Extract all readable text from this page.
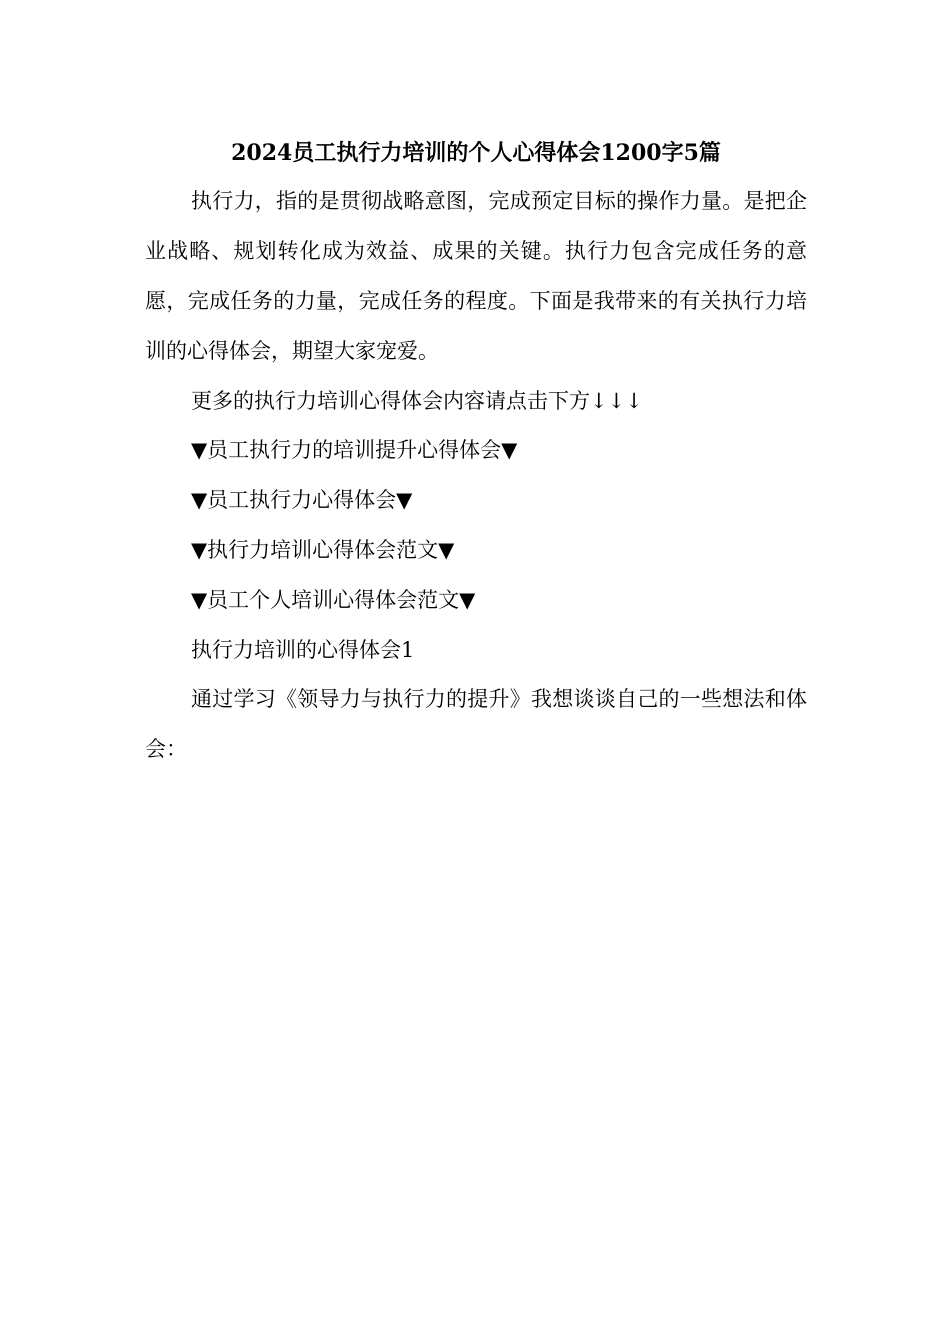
2024员工执行力培训的个人心得体会1200字5篇

执行力，指的是贯彻战略意图，完成预定目标的操作力量。是把企业战略、规划转化成为效益、成果的关键。执行力包含完成任务的意愿，完成任务的力量，完成任务的程度。下面是我带来的有关执行力培训的心得体会，期望大家宠爱。

更多的执行力培训心得体会内容请点击下方↓↓↓

▼员工执行力的培训提升心得体会▼

▼员工执行力心得体会▼

▼执行力培训心得体会范文▼

▼员工个人培训心得体会范文▼

执行力培训的心得体会1

通过学习《领导力与执行力的提升》我想谈谈自己的一些想法和体会：
